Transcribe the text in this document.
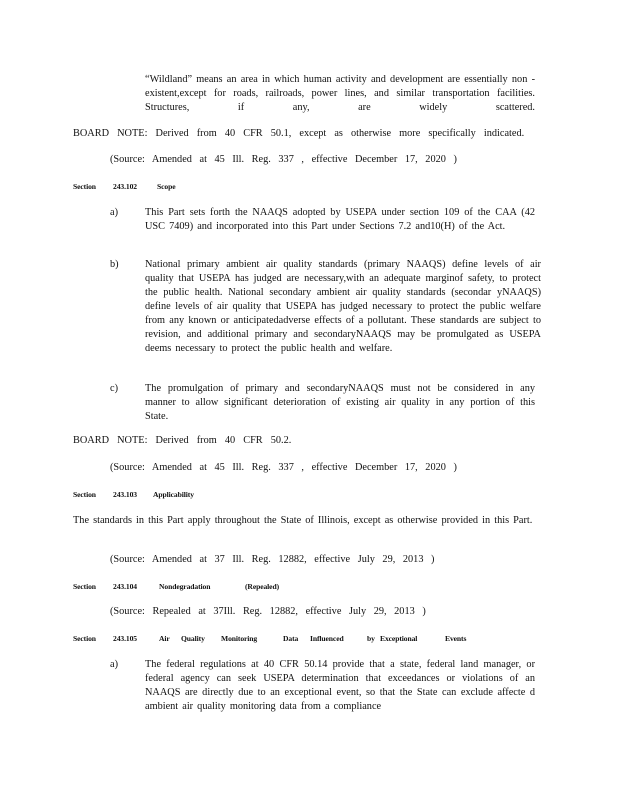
“Wildland” means an area in which human activity and development are essentially non -existent,except for roads, railroads, power lines, and similar transportation facilities. Structures, if any, are widely scattered.
BOARD NOTE: Derived from 40 CFR 50.1, except as otherwise more specifically indicated.
(Source: Amended at 45 Ill. Reg. 337 , effective December 17, 2020 )
Section 243.102	Scope
a)	This Part sets forth the NAAQS adopted by USEPA under section 109 of the CAA (42 USC 7409) and incorporated into this Part under Sections 7.2 and10(H) of the Act.
b)	National primary ambient air quality standards (primary NAAQS) define levels of air quality that USEPA has judged are necessary,with an adequate marginof safety, to protect the public health. National secondary ambient air quality standards (secondar yNAAQS) define levels of air quality that USEPA has judged necessary to protect the public welfare from any known or anticipatedadverse effects of a pollutant. These standards are subject to revision, and additional primary and secondaryNAAQS may be promulgated as USEPA deems necessary to protect the public health and welfare.
c)	The promulgation of primary and secondaryNAAQS must not be considered in any manner to allow significant deterioration of existing air quality in any portion of this State.
BOARD NOTE: Derived from 40 CFR 50.2.
(Source: Amended at 45 Ill. Reg. 337 , effective December 17, 2020 )
Section 243.103 Applicability
The standards in this Part apply throughout the State of Illinois, except as otherwise provided in this Part.
(Source: Amended at 37 Ill. Reg. 12882, effective July 29, 2013 )
Section 243.104	Nondegradation	(Repealed)
(Source: Repealed at 37Ill. Reg. 12882, effective July 29, 2013 )
Section 243.105	Air Quality Monitoring	Data Influenced	by Exceptional	Events
a)	The federal regulations at 40 CFR 50.14 provide that a state, federal land manager, or federal agency can seek USEPA determination that exceedances or violations of an NAAQS are directly due to an exceptional event, so that the State can exclude affecte d ambient air quality monitoring data from a compliance
